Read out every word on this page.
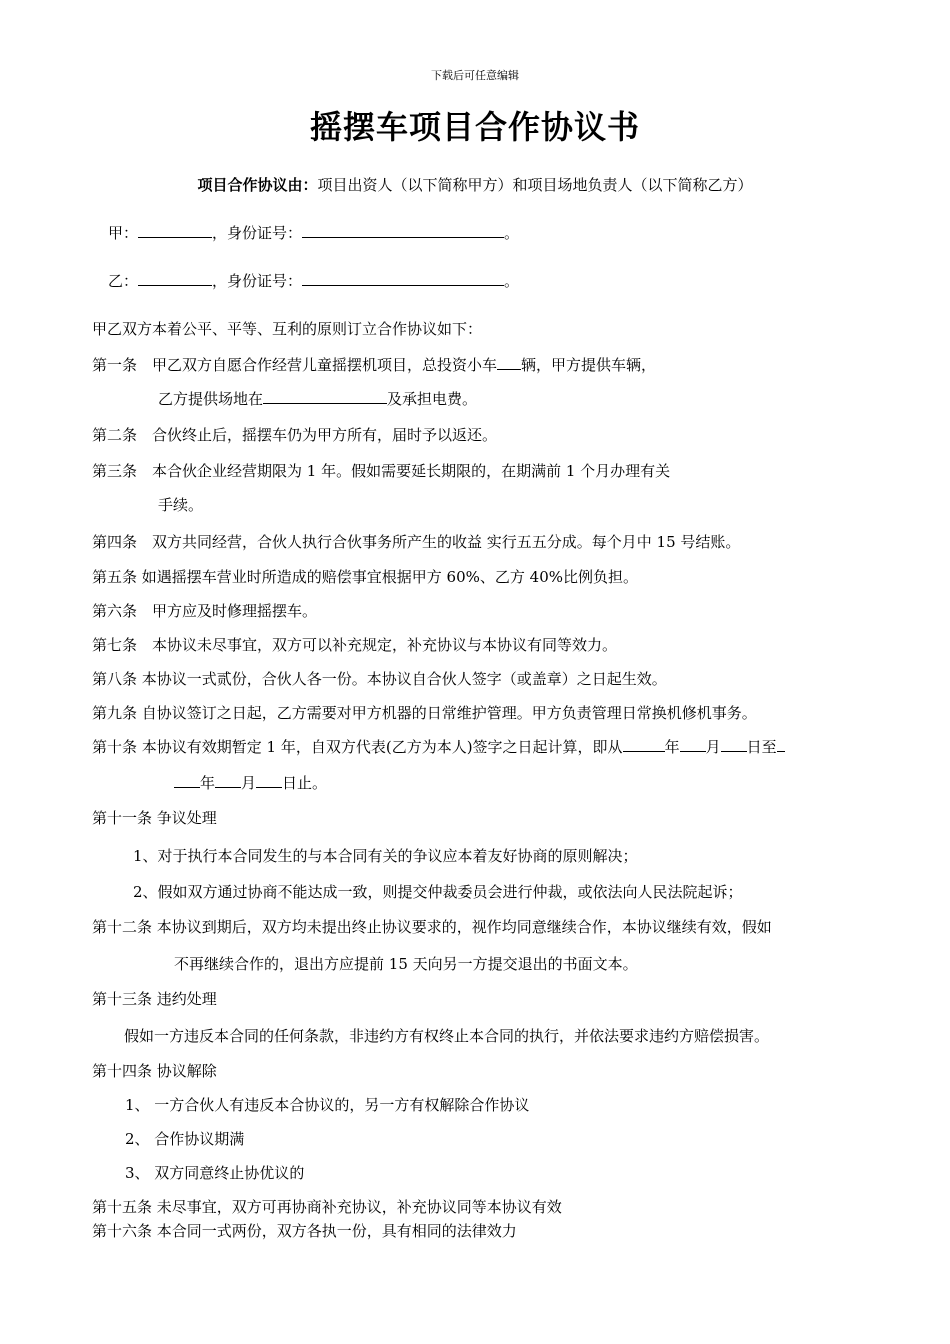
下载后可任意编辑
摇摆车项目合作协议书
项目合作协议由：项目出资人（以下简称甲方）和项目场地负责人（以下简称乙方）
甲：	，身份证号：	。
乙：	，身份证号：	。
甲乙双方本着公平、平等、互利的原则订立合作协议如下：
第一条　甲乙双方自愿合作经营儿童摇摆机项目，总投资小车 辆，甲方提供车辆，
乙方提供场地在	及承担电费。
第二条　合伙终止后，摇摆车仍为甲方所有，届时予以返还。
第三条　本合伙企业经营期限为 1 年。假如需要延长期限的，在期满前 1 个月办理有关
手续。
第四条　双方共同经营，合伙人执行合伙事务所产生的收益 实行五五分成。每个月中 15 号结账。
第五条 如遇摇摆车营业时所造成的赔偿事宜根据甲方 60%、乙方 40%比例负担。
第六条　甲方应及时修理摇摆车。
第七条　本协议未尽事宜，双方可以补充规定，补充协议与本协议有同等效力。
第八条 本协议一式贰份，合伙人各一份。本协议自合伙人签字（或盖章）之日起生效。
第九条 自协议签订之日起，乙方需要对甲方机器的日常维护管理。甲方负责管理日常换机修机事务。
第十条 本协议有效期暂定 1 年，自双方代表(乙方为本人)签字之日起计算，即从	年 月 日至
年 月 日止。
第十一条 争议处理
1、对于执行本合同发生的与本合同有关的争议应本着友好协商的原则解决；
2、假如双方通过协商不能达成一致，则提交仲裁委员会进行仲裁，或依法向人民法院起诉；
第十二条 本协议到期后，双方均未提出终止协议要求的，视作均同意继续合作，本协议继续有效，假如
不再继续合作的，退出方应提前 15 天向另一方提交退出的书面文本。
第十三条 违约处理
假如一方违反本合同的任何条款，非违约方有权终止本合同的执行，并依法要求违约方赔偿损害。
第十四条 协议解除
1、 一方合伙人有违反本合协议的，另一方有权解除合作协议
2、 合作协议期满
3、 双方同意终止协优议的
第十五条 未尽事宜，双方可再协商补充协议，补充协议同等本协议有效
第十六条 本合同一式两份，双方各执一份，具有相同的法律效力
